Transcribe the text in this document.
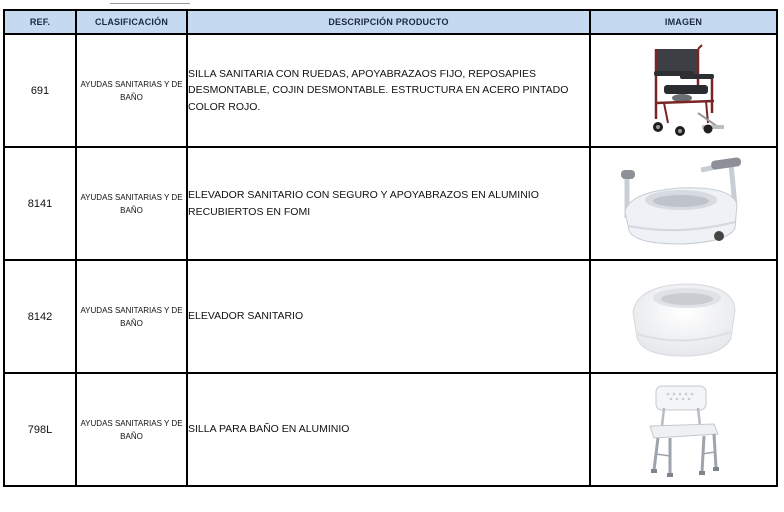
REF.	CLASIFICACIÓN	DESCRIPCIÓN PRODUCTO	IMAGEN
691	AYUDAS SANITARIAS Y DE BAÑO	SILLA SANITARIA CON RUEDAS, APOYABRAZAOS FIJO, REPOSAPIES DESMONTABLE, COJIN DESMONTABLE. ESTRUCTURA EN ACERO PINTADO COLOR ROJO.	

8141	AYUDAS SANITARIAS Y DE BAÑO	ELEVADOR SANITARIO CON SEGURO Y APOYABRAZOS EN ALUMINIO RECUBIERTOS EN FOMI	

8142	AYUDAS SANITARIAS Y DE BAÑO	ELEVADOR SANITARIO	

798L	AYUDAS SANITARIAS Y DE BAÑO	SILLA PARA BAÑO EN ALUMINIO	
